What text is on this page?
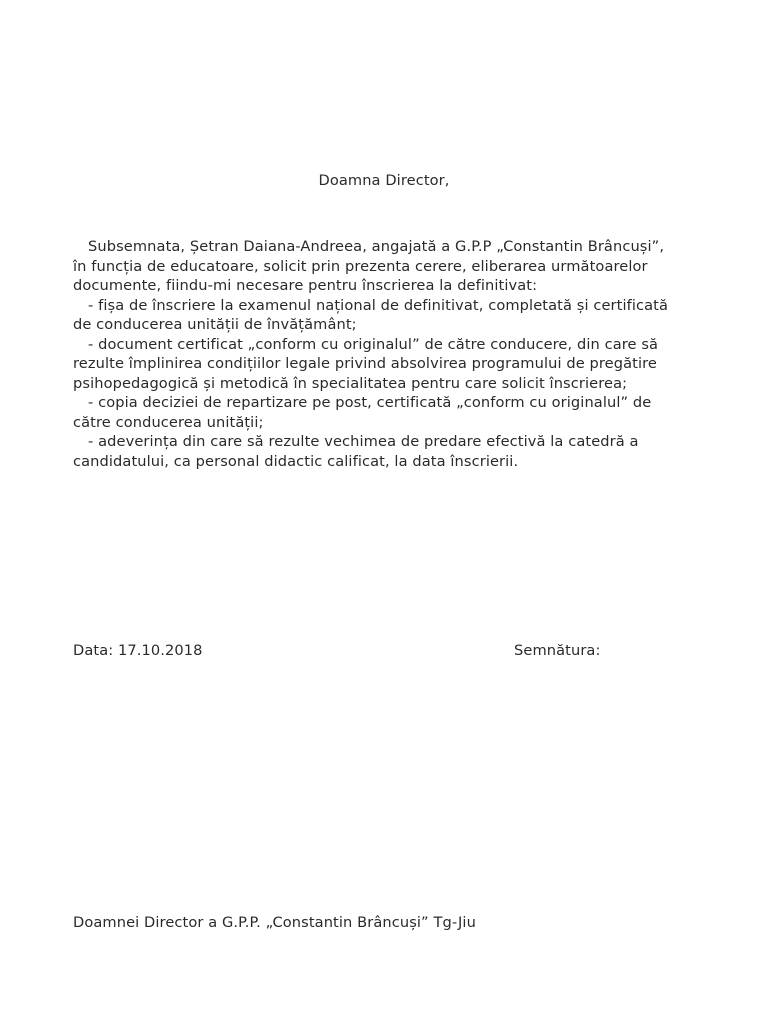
Doamna Director,
Subsemnata, Șetran Daiana-Andreea, angajată a G.P.P „Constantin Brâncuși”,
în funcția de educatoare, solicit prin prezenta cerere, eliberarea următoarelor
documente, fiindu-mi necesare pentru înscrierea la definitivat:
- fișa de înscriere la examenul național de definitivat, completată și certificată
de conducerea unității de învățământ;
- document certificat „conform cu originalul” de către conducere, din care să
rezulte împlinirea condițiilor legale privind absolvirea programului de pregătire
psihopedagogică și metodică în specialitatea pentru care solicit înscrierea;
- copia deciziei de repartizare pe post, certificată „conform cu originalul” de
către conducerea unității;
- adeverința din care să rezulte vechimea de predare efectivă la catedră a
candidatului, ca personal didactic calificat, la data înscrierii.
Data: 17.10.2018	Semnătura:
Doamnei Director a G.P.P. „Constantin Brâncuși” Tg-Jiu
